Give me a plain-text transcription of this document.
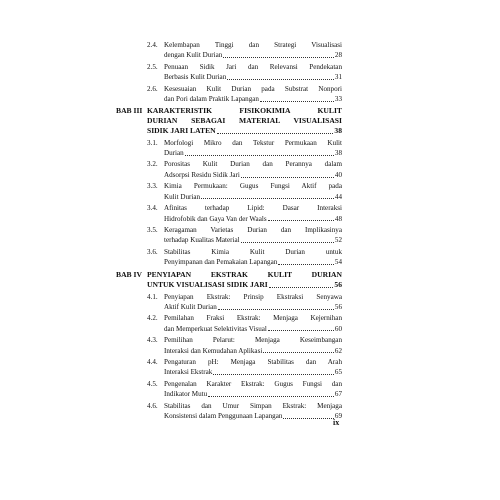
2.4. Kelembapan Tinggi dan Strategi Visualisasi
dengan Kulit Durian	28
2.5. Penuaan Sidik Jari dan Relevansi Pendekatan
Berbasis Kulit Durian	31
2.6. Kesesuaian Kulit Durian pada Substrat Nonpori
dan Pori dalam Praktik Lapangan	33
BAB III KARAKTERISTIK FISIKOKIMIA KULIT
DURIAN SEBAGAI MATERIAL VISUALISASI
SIDIK JARI LATEN	38
3.1. Morfologi Mikro dan Tekstur Permukaan Kulit
Durian	38
3.2. Porositas Kulit Durian dan Perannya dalam
Adsorpsi Residu Sidik Jari	40
3.3. Kimia Permukaan: Gugus Fungsi Aktif pada
Kulit Durian	44
3.4. Afinitas terhadap Lipid: Dasar Interaksi
Hidrofobik dan Gaya Van der Waals	48
3.5. Keragaman Varietas Durian dan Implikasinya
terhadap Kualitas Material	52
3.6. Stabilitas Kimia Kulit Durian untuk
Penyimpanan dan Pemakaian Lapangan	54
BAB IV PENYIAPAN EKSTRAK KULIT DURIAN
UNTUK VISUALISASI SIDIK JARI	56
4.1. Penyiapan Ekstrak: Prinsip Ekstraksi Senyawa
Aktif Kulit Durian	56
4.2. Pemilahan Fraksi Ekstrak: Menjaga Kejernihan
dan Memperkuat Selektivitas Visual	60
4.3. Pemilihan Pelarut: Menjaga Keseimbangan
Interaksi dan Kemudahan Aplikasi	62
4.4. Pengaturan pH: Menjaga Stabilitas dan Arah
Interaksi Ekstrak	65
4.5. Pengenalan Karakter Ekstrak: Gugus Fungsi dan
Indikator Mutu	67
4.6. Stabilitas dan Umur Simpan Ekstrak: Menjaga
Konsistensi dalam Penggunaan Lapangan	69
ix
